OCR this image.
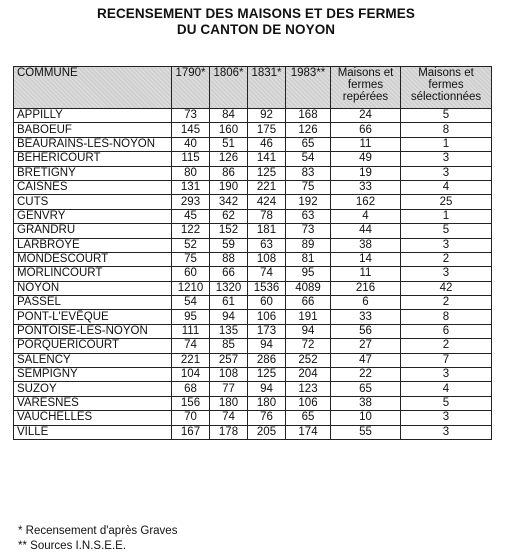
RECENSEMENT DES MAISONS ET DES FERMES
DU CANTON DE NOYON
COMMUNE	1790*	1806*	1831*	1983**	Maisons et fermes repérées	Maisons et fermes sélectionnées
APPILLY	73	84	92	168	24	5
BABOEUF	145	160	175	126	66	8
BEAURAINS-LES-NOYON	40	51	46	65	11	1
BEHERICOURT	115	126	141	54	49	3
BRETIGNY	80	86	125	83	19	3
CAISNES	131	190	221	75	33	4
CUTS	293	342	424	192	162	25
GENVRY	45	62	78	63	4	1
GRANDRÜ	122	152	181	73	44	5
LARBROYE	52	59	63	89	38	3
MONDESCOURT	75	88	108	81	14	2
MORLINCOURT	60	66	74	95	11	3
NOYON	1210	1320	1536	4089	216	42
PASSEL	54	61	60	66	6	2
PONT-L'EVÊQUE	95	94	106	191	33	8
PONTOISE-LES-NOYON	111	135	173	94	56	6
PORQUERICOURT	74	85	94	72	27	2
SALENCY	221	257	286	252	47	7
SEMPIGNY	104	108	125	204	22	3
SUZOY	68	77	94	123	65	4
VARESNES	156	180	180	106	38	5
VAUCHELLES	70	74	76	65	10	3
VILLE	167	178	205	174	55	3
* Recensement d'après Graves
** Sources I.N.S.E.E.
